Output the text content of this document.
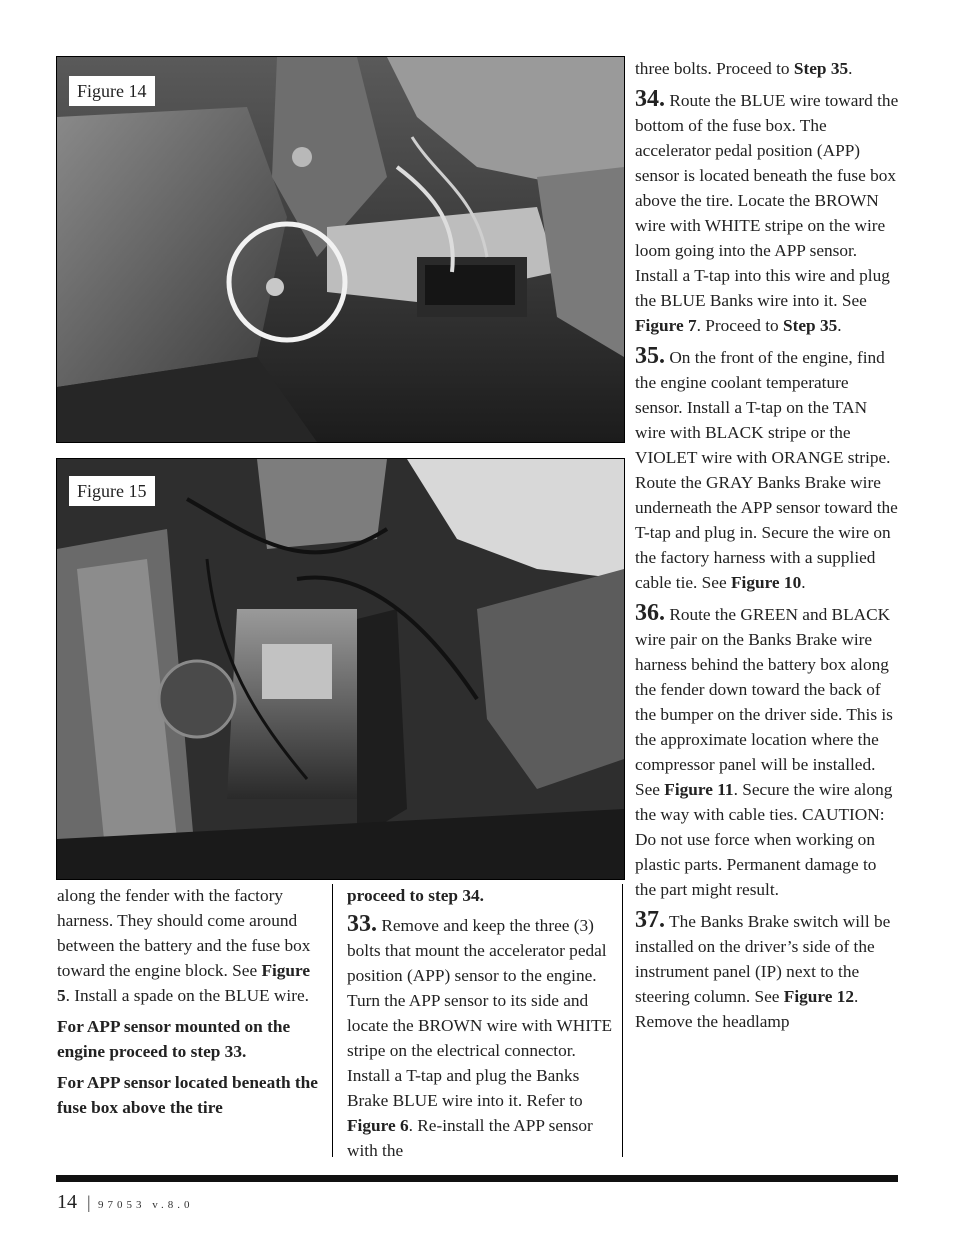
Figure 14
Figure 15

along the fender with the factory harness. They should come around between the battery and the fuse box toward the engine block. See Figure 5. Install a spade on the BLUE wire.

For APP sensor mounted on the engine proceed to step 33.

For APP sensor located beneath the fuse box above the tire

proceed to step 34.

33. Remove and keep the three (3) bolts that mount the accelerator pedal position (APP) sensor to the engine. Turn the APP sensor to its side and locate the BROWN wire with WHITE stripe on the electrical connector. Install a T-tap and plug the Banks Brake BLUE wire into it. Refer to Figure 6. Re-install the APP sensor with the

three bolts. Proceed to Step 35.

34. Route the BLUE wire toward the bottom of the fuse box. The accelerator pedal position (APP) sensor is located beneath the fuse box above the tire. Locate the BROWN wire with WHITE stripe on the wire loom going into the APP sensor. Install a T-tap into this wire and plug the BLUE Banks wire into it. See Figure 7. Proceed to Step 35.

35. On the front of the engine, find the engine coolant temperature sensor. Install a T-tap on the TAN wire with BLACK stripe or the VIOLET wire with ORANGE stripe. Route the GRAY Banks Brake wire underneath the APP sensor toward the T-tap and plug in. Secure the wire on the factory harness with a supplied cable tie. See Figure 10.

36. Route the GREEN and BLACK wire pair on the Banks Brake wire harness behind the battery box along the fender down toward the back of the bumper on the driver side. This is the approximate location where the compressor panel will be installed. See Figure 11. Secure the wire along the way with cable ties. CAUTION: Do not use force when working on plastic parts. Permanent damage to the part might result.

37. The Banks Brake switch will be installed on the driver’s side of the instrument panel (IP) next to the steering column. See Figure 12. Remove the headlamp

14 | 97053 v.8.0
